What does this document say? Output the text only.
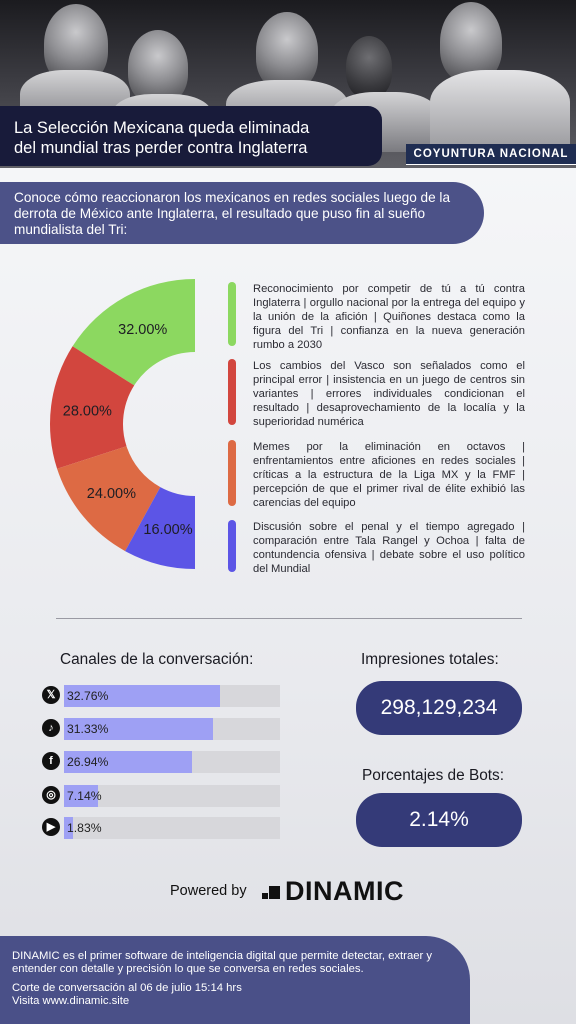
La Selección Mexicana queda eliminada
del mundial tras perder contra Inglaterra	COYUNTURA NACIONAL
Conoce cómo reaccionaron los mexicanos en redes sociales luego de la derrota de México ante Inglaterra, el resultado que puso fin al sueño mundialista del Tri:
32.00%
28.00%
24.00%
16.00%
Reconocimiento por competir de tú a tú contra Inglaterra | orgullo nacional por la entrega del equipo y la unión de la afición | Quiñones destaca como la figura del Tri | confianza en la nueva generación rumbo a 2030
Los cambios del Vasco son señalados como el principal error | insistencia en un juego de centros sin variantes | errores individuales condicionan el resultado | desaprovechamiento de la localía y la superioridad numérica
Memes por la eliminación en octavos | enfrentamientos entre aficiones en redes sociales | críticas a la estructura de la Liga MX y la FMF | percepción de que el primer rival de élite exhibió las carencias del equipo
Discusión sobre el penal y el tiempo agregado | comparación entre Tala Rangel y Ochoa | falta de contundencia ofensiva | debate sobre el uso político del Mundial
Canales de la conversación:
𝕏 32.76%
♪	31.33%
f	26.94%
◎ 7.14%
▶ 1.83%
Impresiones totales:
298,129,234
Porcentajes de Bots:
2.14%
Powered by DINAMIC
DINAMIC es el primer software de inteligencia digital que permite detectar, extraer y entender con detalle y precisión lo que se conversa en redes sociales.
Corte de conversación al 06 de julio 15:14 hrs
Visita www.dinamic.site
